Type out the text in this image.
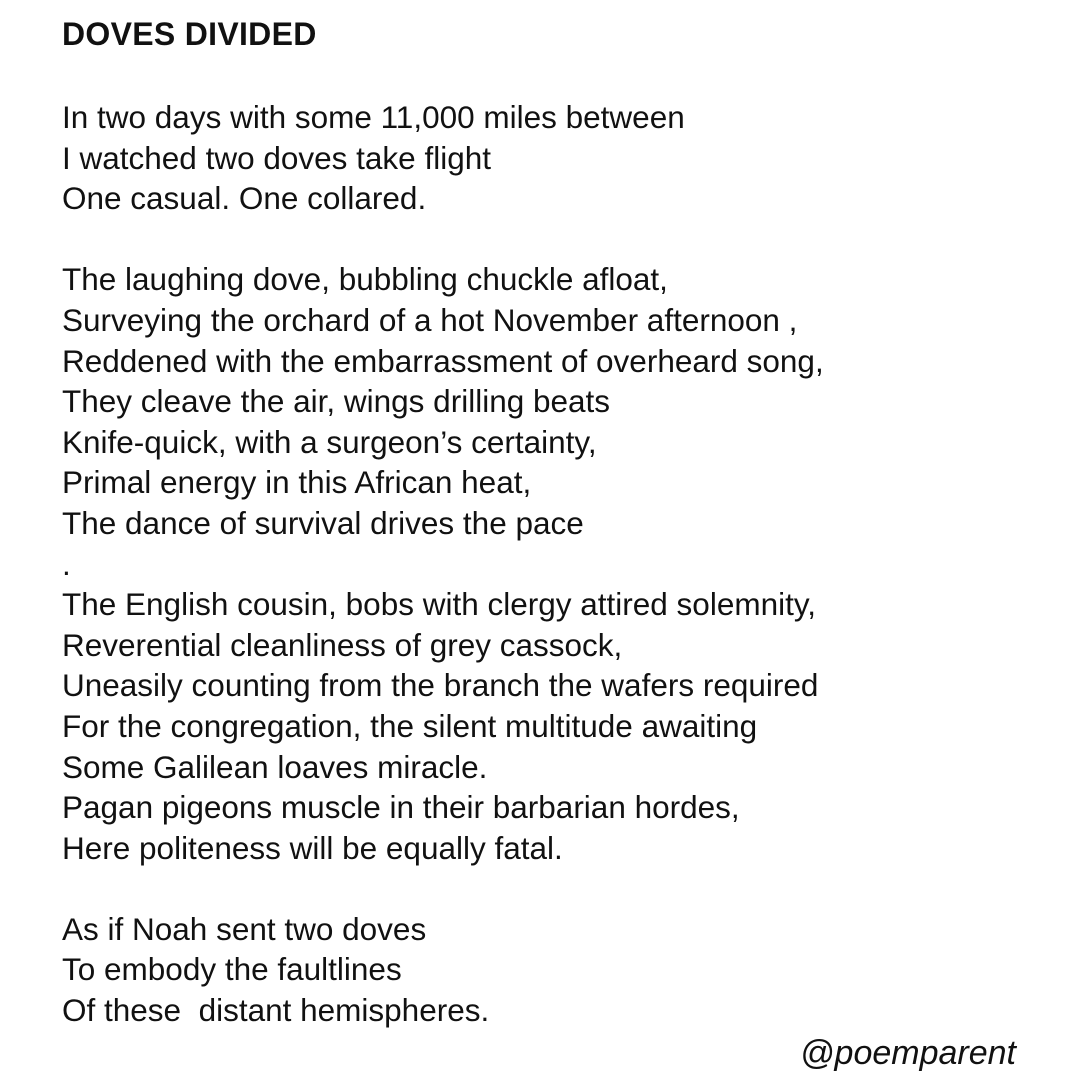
DOVES DIVIDED
In two days with some 11,000 miles between
I watched two doves take flight
One casual. One collared.
The laughing dove, bubbling chuckle afloat,
Surveying the orchard of a hot November afternoon ,
Reddened with the embarrassment of overheard song,
They cleave the air, wings drilling beats
Knife-quick, with a surgeon’s certainty,
Primal energy in this African heat,
The dance of survival drives the pace
.
The English cousin, bobs with clergy attired solemnity,
Reverential cleanliness of grey cassock,
Uneasily counting from the branch the wafers required
For the congregation, the silent multitude awaiting
Some Galilean loaves miracle.
Pagan pigeons muscle in their barbarian hordes,
Here politeness will be equally fatal.
As if Noah sent two doves
To embody the faultlines
Of these  distant hemispheres.
@poemparent
